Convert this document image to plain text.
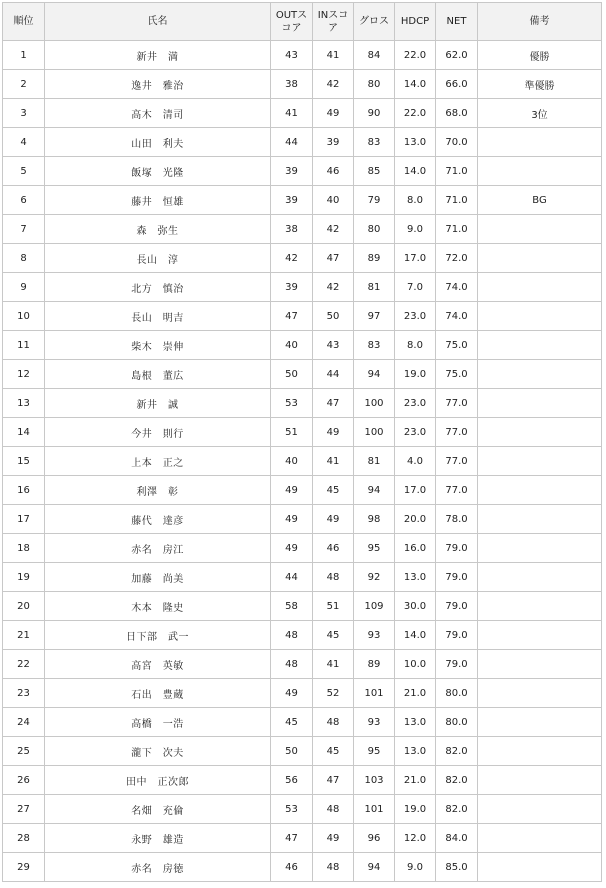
順位	氏名	OUTスコア	INスコア	グロス	HDCP	NET	備考
1	新井　満	43	41	84	22.0	62.0	優勝
2	逸井　雅治	38	42	80	14.0	66.0	準優勝
3	高木　清司	41	49	90	22.0	68.0	3位
4	山田　利夫	44	39	83	13.0	70.0	
5	飯塚　光隆	39	46	85	14.0	71.0	
6	藤井　恒雄	39	40	79	8.0	71.0	BG
7	森　弥生	38	42	80	9.0	71.0	
8	長山　淳	42	47	89	17.0	72.0	
9	北方　慎治	39	42	81	7.0	74.0	
10	長山　明吉	47	50	97	23.0	74.0	
11	柴木　崇伸	40	43	83	8.0	75.0	
12	島根　董広	50	44	94	19.0	75.0	
13	新井　誠	53	47	100	23.0	77.0	
14	今井　則行	51	49	100	23.0	77.0	
15	上本　正之	40	41	81	4.0	77.0	
16	利澤　彰	49	45	94	17.0	77.0	
17	藤代　達彦	49	49	98	20.0	78.0	
18	赤名　房江	49	46	95	16.0	79.0	
19	加藤　尚美	44	48	92	13.0	79.0	
20	木本　隆史	58	51	109	30.0	79.0	
21	日下部　武一	48	45	93	14.0	79.0	
22	高宮　英敏	48	41	89	10.0	79.0	
23	石出　豊蔵	49	52	101	21.0	80.0	
24	高橋　一浩	45	48	93	13.0	80.0	
25	瀧下　次夫	50	45	95	13.0	82.0	
26	田中　正次郎	56	47	103	21.0	82.0	
27	名畑　充倫	53	48	101	19.0	82.0	
28	永野　雄造	47	49	96	12.0	84.0	
29	赤名　房徳	46	48	94	9.0	85.0	
